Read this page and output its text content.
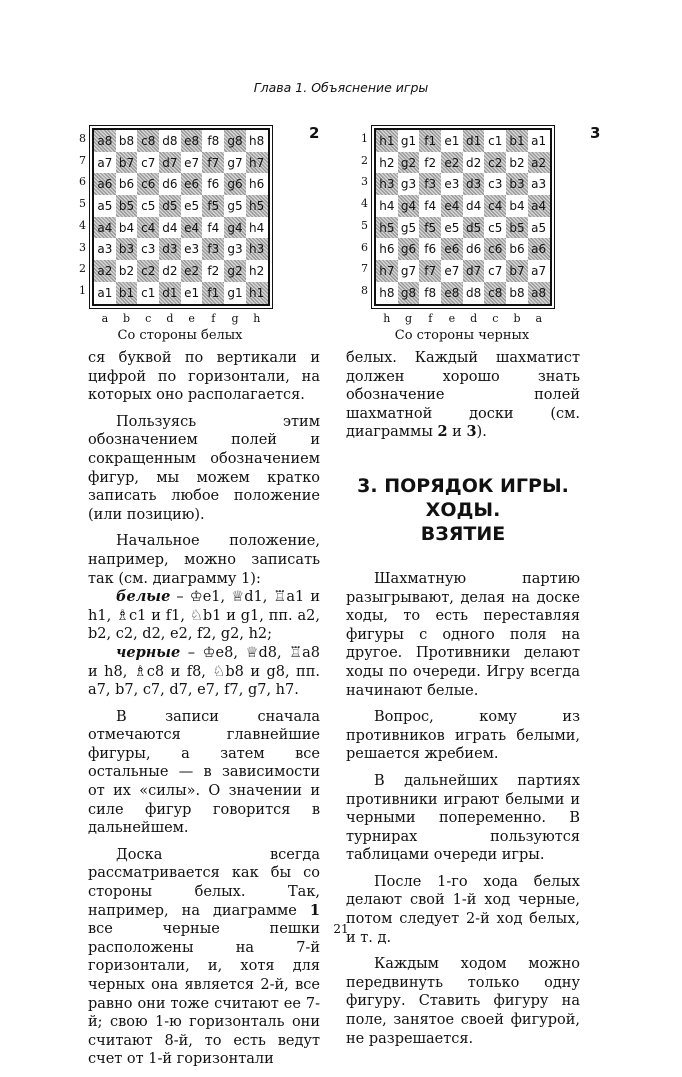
Глава 1. Объяснение игры
2
8
7
6
5
4
3
2
1
a8 b8 c8 d8 e8 f8 g8 h8
a7 b7 c7 d7 e7 f7 g7 h7
a6 b6 c6 d6 e6 f6 g6 h6
a5 b5 c5 d5 e5 f5 g5 h5
a4 b4 c4 d4 e4 f4 g4 h4
a3 b3 c3 d3 e3 f3 g3 h3
a2 b2 c2 d2 e2 f2 g2 h2
a1 b1 c1 d1 e1 f1 g1 h1
a	b	c	d	e	f	g	h
Со стороны белых
3
1
2
3
4
5
6
7
8
h1 g1 f1 e1 d1 c1 b1 a1
h2 g2 f2 e2 d2 c2 b2 a2
h3 g3 f3 e3 d3 c3 b3 a3
h4 g4 f4 e4 d4 c4 b4 a4
h5 g5 f5 e5 d5 c5 b5 a5
h6 g6 f6 e6 d6 c6 b6 a6
h7 g7 f7 e7 d7 c7 b7 a7
h8 g8 f8 e8 d8 c8 b8 a8
h	g	f	e	d	c	b	a
Со стороны черных

ся буквой по вертикали и цифрой по горизонтали, на которых оно располагается.

Пользуясь этим обозначением полей и сокращенным обозначением фигур, мы можем кратко записать любое положение (или позицию).

Начальное положение, например, можно записать так (см. диаграмму 1):

белые – ♔e1, ♕d1, ♖a1 и h1, ♗c1 и f1, ♘b1 и g1, пп. a2, b2, c2, d2, e2, f2, g2, h2;

черные – ♔e8, ♕d8, ♖a8 и h8, ♗c8 и f8, ♘b8 и g8, пп. a7, b7, c7, d7, e7, f7, g7, h7.

В записи сначала отмечаются главнейшие фигуры, а затем все остальные — в зависимости от их «силы». О значении и силе фигур говорится в дальнейшем.

Доска всегда рассматривается как бы со стороны белых. Так, например, на диаграмме 1 все черные пешки расположены на 7-й горизонтали, и, хотя для черных она является 2-й, все равно они тоже считают ее 7-й; свою 1-ю горизонталь они считают 8-й, то есть ведут счет от 1-й горизонтали

белых. Каждый шахматист должен хорошо знать обозначение полей шахматной доски (см. диаграммы 2 и 3).

3. ПОРЯДОК ИГРЫ.
ХОДЫ.
ВЗЯТИЕ

Шахматную партию разыгрывают, делая на доске ходы, то есть переставляя фигуры с одного поля на другое. Противники делают ходы по очереди. Игру всегда начинают белые.

Вопрос, кому из противников играть белыми, решается жребием.

В дальнейших партиях противники играют белыми и черными попеременно. В турнирах пользуются таблицами очереди игры.

После 1-го хода белых делают свой 1-й ход черные, потом следует 2-й ход белых, и т. д.

Каждым ходом можно передвинуть только одну фигуру. Ставить фигуру на поле, занятое своей фигурой, не разрешается.

21
